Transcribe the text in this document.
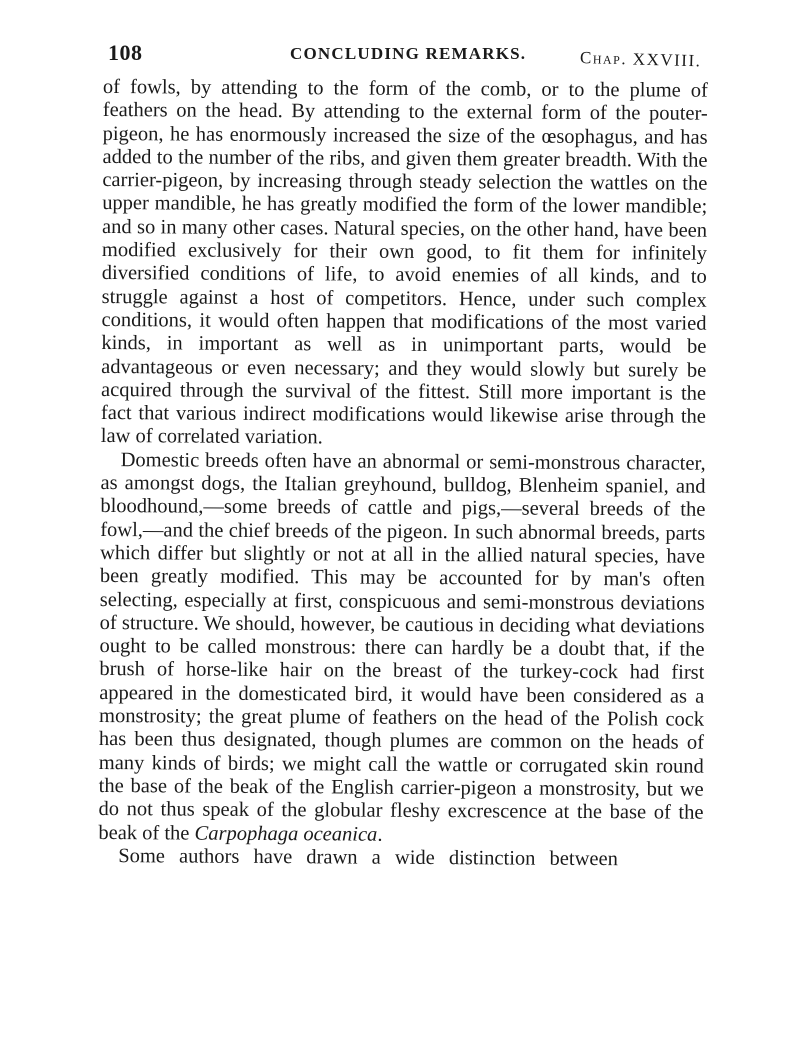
108	CONCLUDING REMARKS.	Chap. XXVIII.

of fowls, by attending to the form of the comb, or to the plume of feathers on the head. By attending to the external form of the pouter-pigeon, he has enormously increased the size of the œsophagus, and has added to the number of the ribs, and given them greater breadth. With the carrier-pigeon, by increasing through steady selection the wattles on the upper mandible, he has greatly modified the form of the lower mandible; and so in many other cases. Natural species, on the other hand, have been modified exclusively for their own good, to fit them for infinitely diversified conditions of life, to avoid enemies of all kinds, and to struggle against a host of competitors. Hence, under such complex conditions, it would often happen that modifications of the most varied kinds, in important as well as in unimportant parts, would be advantageous or even necessary; and they would slowly but surely be acquired through the survival of the fittest. Still more important is the fact that various indirect modifications would likewise arise through the law of correlated variation.

Domestic breeds often have an abnormal or semi-monstrous character, as amongst dogs, the Italian greyhound, bulldog, Blenheim spaniel, and bloodhound,—some breeds of cattle and pigs,—several breeds of the fowl,—and the chief breeds of the pigeon. In such abnormal breeds, parts which differ but slightly or not at all in the allied natural species, have been greatly modified. This may be accounted for by man's often selecting, especially at first, conspicuous and semi-monstrous deviations of structure. We should, however, be cautious in deciding what deviations ought to be called monstrous: there can hardly be a doubt that, if the brush of horse-like hair on the breast of the turkey-cock had first appeared in the domesticated bird, it would have been considered as a monstrosity; the great plume of feathers on the head of the Polish cock has been thus designated, though plumes are common on the heads of many kinds of birds; we might call the wattle or corrugated skin round the base of the beak of the English carrier-pigeon a monstrosity, but we do not thus speak of the globular fleshy excrescence at the base of the beak of the Carpophaga oceanica.

Some authors have drawn a wide distinction between
